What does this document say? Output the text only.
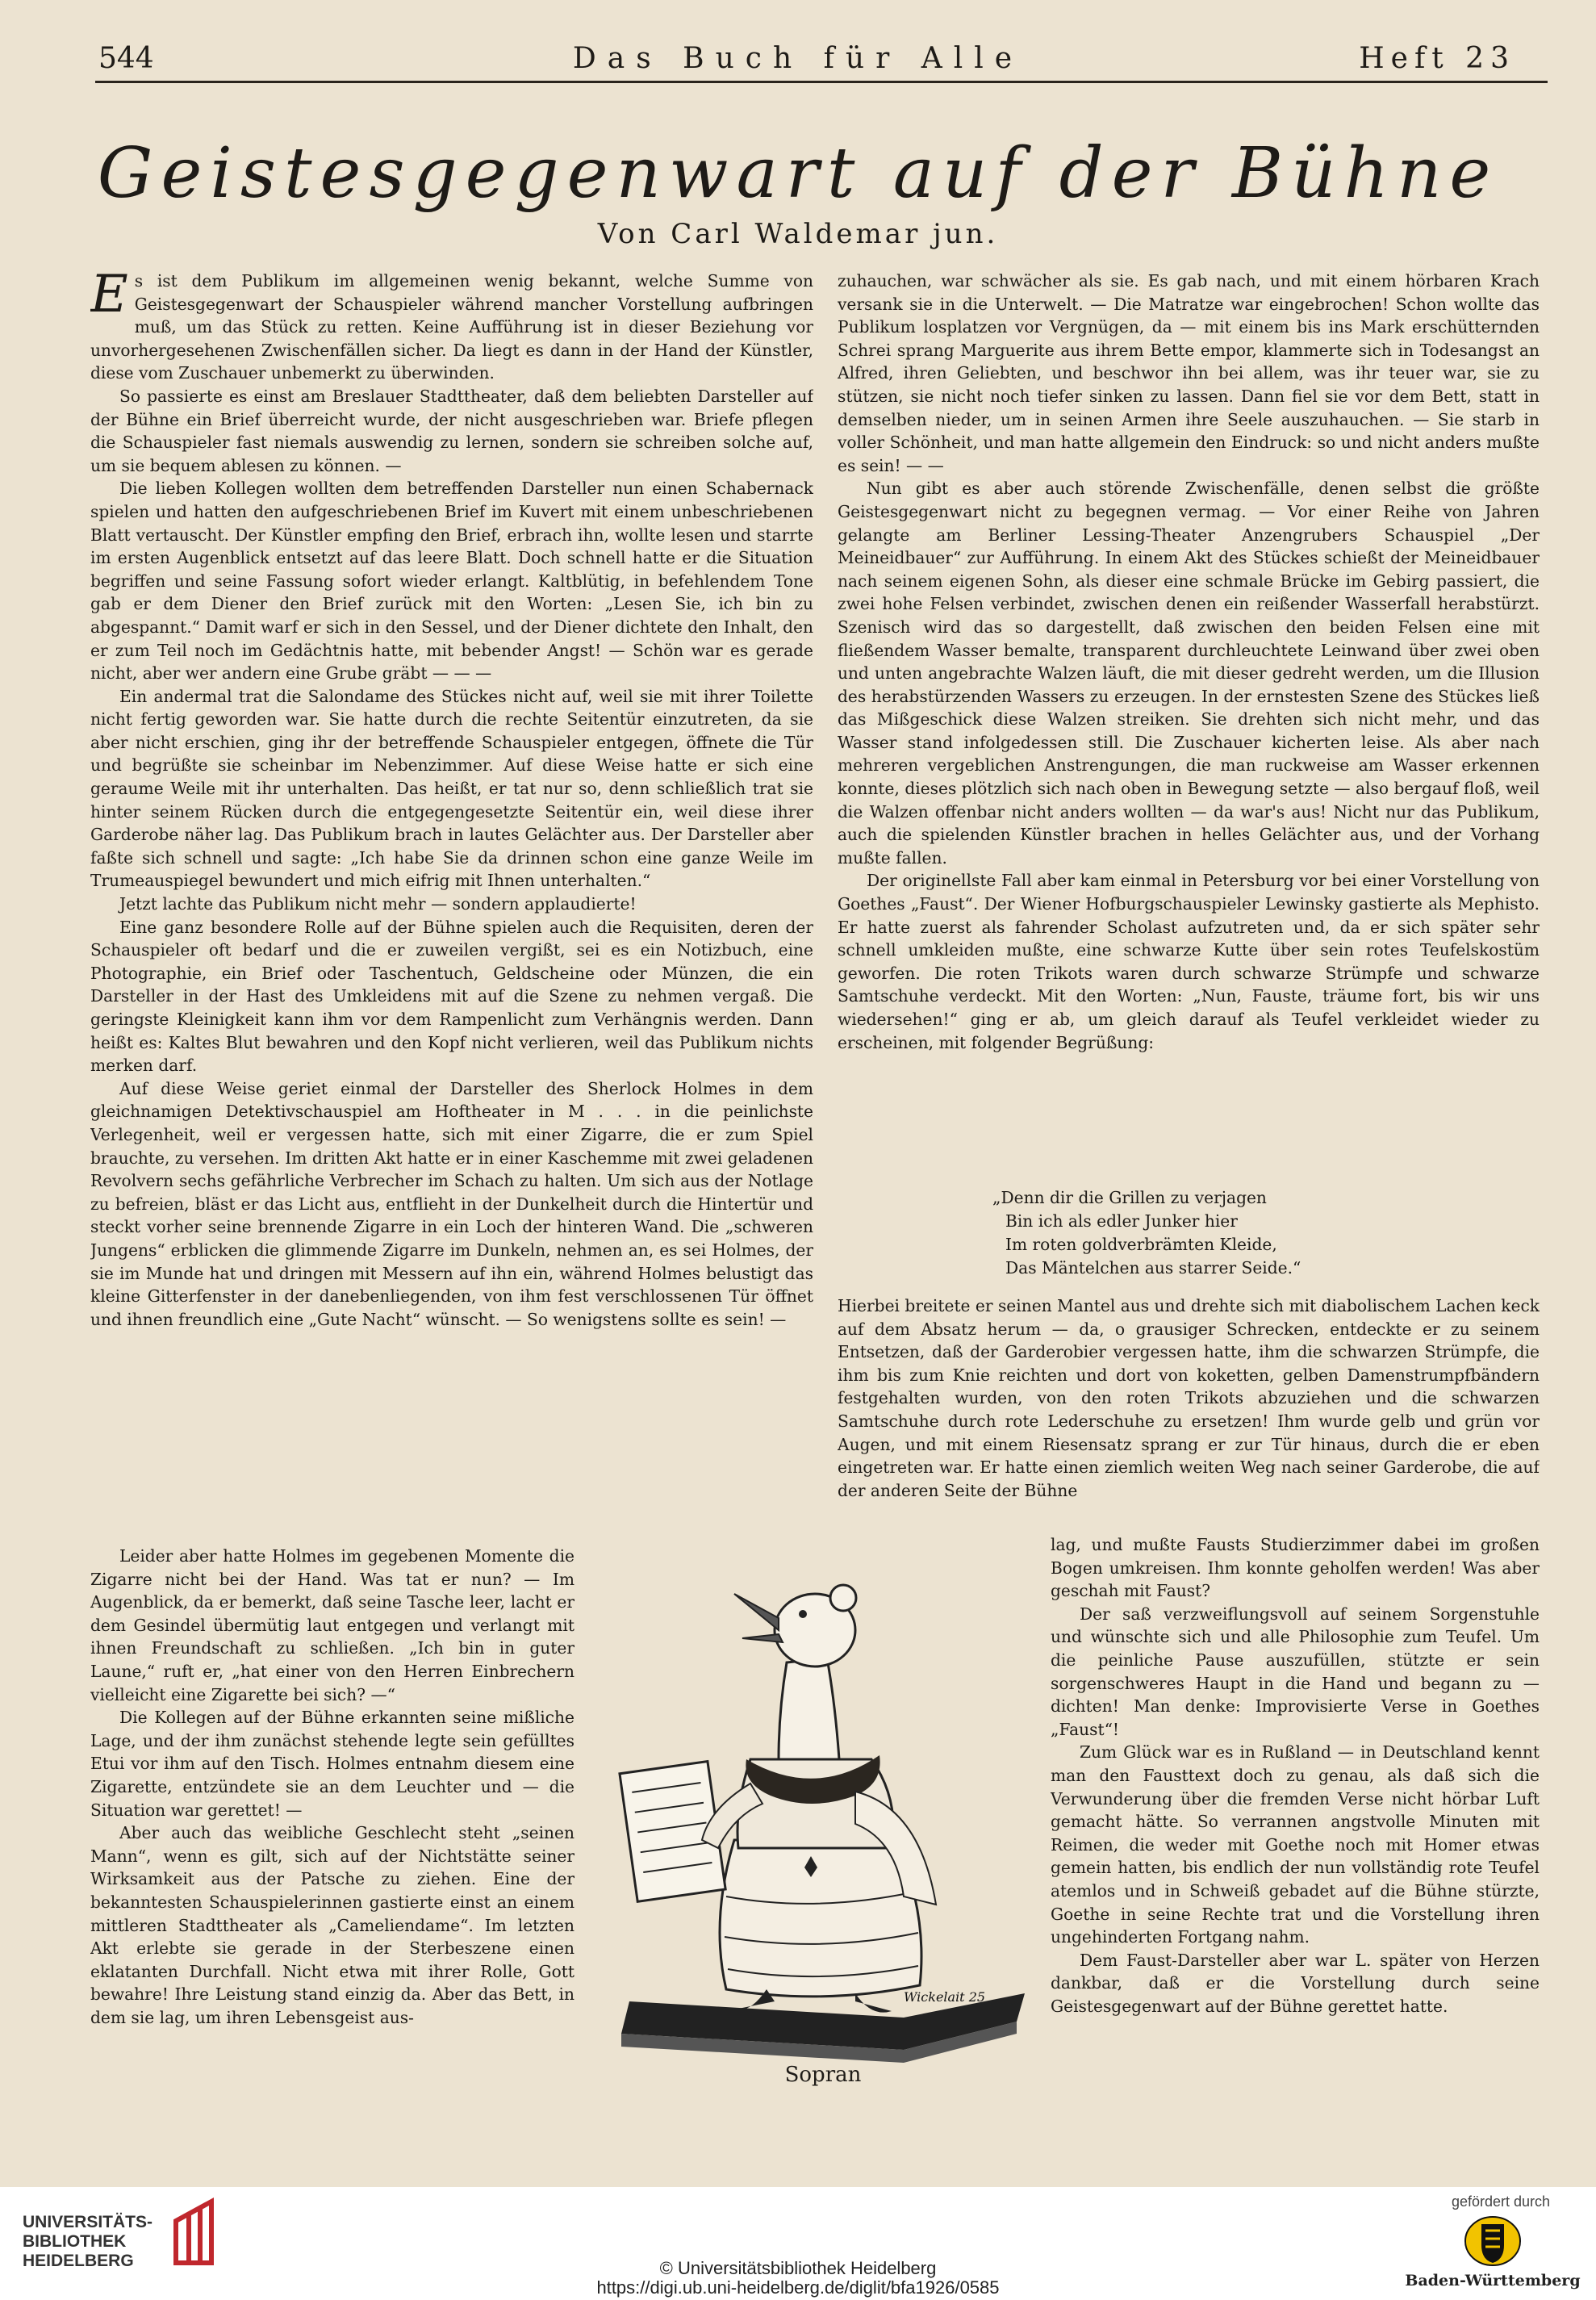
544	Das Buch für Alle	Heft 23
Geistesgegenwart auf der Bühne
Von Carl Waldemar jun.

Es ist dem Publikum im allgemeinen wenig bekannt, welche Summe von Geistesgegenwart der Schauspieler während mancher Vorstellung aufbringen muß, um das Stück zu retten. Keine Aufführung ist in dieser Beziehung vor unvorhergesehenen Zwischenfällen sicher. Da liegt es dann in der Hand der Künstler, diese vom Zuschauer unbemerkt zu überwinden.

So passierte es einst am Breslauer Stadttheater, daß dem beliebten Darsteller auf der Bühne ein Brief überreicht wurde, der nicht ausgeschrieben war. Briefe pflegen die Schauspieler fast niemals auswendig zu lernen, sondern sie schreiben solche auf, um sie bequem ablesen zu können. —

Die lieben Kollegen wollten dem betreffenden Darsteller nun einen Schabernack spielen und hatten den aufgeschriebenen Brief im Kuvert mit einem unbeschriebenen Blatt vertauscht. Der Künstler empfing den Brief, erbrach ihn, wollte lesen und starrte im ersten Augenblick entsetzt auf das leere Blatt. Doch schnell hatte er die Situation begriffen und seine Fassung sofort wieder erlangt. Kaltblütig, in befehlendem Tone gab er dem Diener den Brief zurück mit den Worten: „Lesen Sie, ich bin zu abgespannt.“ Damit warf er sich in den Sessel, und der Diener dichtete den Inhalt, den er zum Teil noch im Gedächtnis hatte, mit bebender Angst! — Schön war es gerade nicht, aber wer andern eine Grube gräbt — — —

Ein andermal trat die Salondame des Stückes nicht auf, weil sie mit ihrer Toilette nicht fertig geworden war. Sie hatte durch die rechte Seitentür einzutreten, da sie aber nicht erschien, ging ihr der betreffende Schauspieler entgegen, öffnete die Tür und begrüßte sie scheinbar im Nebenzimmer. Auf diese Weise hatte er sich eine geraume Weile mit ihr unterhalten. Das heißt, er tat nur so, denn schließlich trat sie hinter seinem Rücken durch die entgegengesetzte Seitentür ein, weil diese ihrer Garderobe näher lag. Das Publikum brach in lautes Gelächter aus. Der Darsteller aber faßte sich schnell und sagte: „Ich habe Sie da drinnen schon eine ganze Weile im Trumeauspiegel bewundert und mich eifrig mit Ihnen unterhalten.“

Jetzt lachte das Publikum nicht mehr — sondern applaudierte!

Eine ganz besondere Rolle auf der Bühne spielen auch die Requisiten, deren der Schauspieler oft bedarf und die er zuweilen vergißt, sei es ein Notizbuch, eine Photographie, ein Brief oder Taschentuch, Geldscheine oder Münzen, die ein Darsteller in der Hast des Umkleidens mit auf die Szene zu nehmen vergaß. Die geringste Kleinigkeit kann ihm vor dem Rampenlicht zum Verhängnis werden. Dann heißt es: Kaltes Blut bewahren und den Kopf nicht verlieren, weil das Publikum nichts merken darf.

Auf diese Weise geriet einmal der Darsteller des Sherlock Holmes in dem gleichnamigen Detektivschauspiel am Hoftheater in M . . . in die peinlichste Verlegenheit, weil er vergessen hatte, sich mit einer Zigarre, die er zum Spiel brauchte, zu versehen. Im dritten Akt hatte er in einer Kaschemme mit zwei geladenen Revolvern sechs gefährliche Verbrecher im Schach zu halten. Um sich aus der Notlage zu befreien, bläst er das Licht aus, entflieht in der Dunkelheit durch die Hintertür und steckt vorher seine brennende Zigarre in ein Loch der hinteren Wand. Die „schweren Jungens“ erblicken die glimmende Zigarre im Dunkeln, nehmen an, es sei Holmes, der sie im Munde hat und dringen mit Messern auf ihn ein, während Holmes belustigt das kleine Gitterfenster in der danebenliegenden, von ihm fest verschlossenen Tür öffnet und ihnen freundlich eine „Gute Nacht“ wünscht. — So wenigstens sollte es sein! —

Leider aber hatte Holmes im gegebenen Momente die Zigarre nicht bei der Hand. Was tat er nun? — Im Augenblick, da er bemerkt, daß seine Tasche leer, lacht er dem Gesindel übermütig laut entgegen und verlangt mit ihnen Freundschaft zu schließen. „Ich bin in guter Laune,“ ruft er, „hat einer von den Herren Einbrechern vielleicht eine Zigarette bei sich? —“

Die Kollegen auf der Bühne erkannten seine mißliche Lage, und der ihm zunächst stehende legte sein gefülltes Etui vor ihm auf den Tisch. Holmes entnahm diesem eine Zigarette, entzündete sie an dem Leuchter und — die Situation war gerettet! —

Aber auch das weibliche Geschlecht steht „seinen Mann“, wenn es gilt, sich auf der Nichtstätte seiner Wirksamkeit aus der Patsche zu ziehen. Eine der bekanntesten Schauspielerinnen gastierte einst an einem mittleren Stadttheater als „Cameliendame“. Im letzten Akt erlebte sie gerade in der Sterbeszene einen eklatanten Durchfall. Nicht etwa mit ihrer Rolle, Gott bewahre! Ihre Leistung stand einzig da. Aber das Bett, in dem sie lag, um ihren Lebensgeist aus-

zuhauchen, war schwächer als sie. Es gab nach, und mit einem hörbaren Krach versank sie in die Unterwelt. — Die Matratze war eingebrochen! Schon wollte das Publikum losplatzen vor Vergnügen, da — mit einem bis ins Mark erschütternden Schrei sprang Marguerite aus ihrem Bette empor, klammerte sich in Todesangst an Alfred, ihren Geliebten, und beschwor ihn bei allem, was ihr teuer war, sie zu stützen, sie nicht noch tiefer sinken zu lassen. Dann fiel sie vor dem Bett, statt in demselben nieder, um in seinen Armen ihre Seele auszuhauchen. — Sie starb in voller Schönheit, und man hatte allgemein den Eindruck: so und nicht anders mußte es sein! — —

Nun gibt es aber auch störende Zwischenfälle, denen selbst die größte Geistesgegenwart nicht zu begegnen vermag. — Vor einer Reihe von Jahren gelangte am Berliner Lessing-Theater Anzengrubers Schauspiel „Der Meineidbauer“ zur Aufführung. In einem Akt des Stückes schießt der Meineidbauer nach seinem eigenen Sohn, als dieser eine schmale Brücke im Gebirg passiert, die zwei hohe Felsen verbindet, zwischen denen ein reißender Wasserfall herabstürzt. Szenisch wird das so dargestellt, daß zwischen den beiden Felsen eine mit fließendem Wasser bemalte, transparent durchleuchtete Leinwand über zwei oben und unten angebrachte Walzen läuft, die mit dieser gedreht werden, um die Illusion des herabstürzenden Wassers zu erzeugen. In der ernstesten Szene des Stückes ließ das Mißgeschick diese Walzen streiken. Sie drehten sich nicht mehr, und das Wasser stand infolgedessen still. Die Zuschauer kicherten leise. Als aber nach mehreren vergeblichen Anstrengungen, die man ruckweise am Wasser erkennen konnte, dieses plötzlich sich nach oben in Bewegung setzte — also bergauf floß, weil die Walzen offenbar nicht anders wollten — da war's aus! Nicht nur das Publikum, auch die spielenden Künstler brachen in helles Gelächter aus, und der Vorhang mußte fallen.

Der originellste Fall aber kam einmal in Petersburg vor bei einer Vorstellung von Goethes „Faust“. Der Wiener Hofburgschauspieler Lewinsky gastierte als Mephisto. Er hatte zuerst als fahrender Scholast aufzutreten und, da er sich später sehr schnell umkleiden mußte, eine schwarze Kutte über sein rotes Teufelskostüm geworfen. Die roten Trikots waren durch schwarze Strümpfe und schwarze Samtschuhe verdeckt. Mit den Worten: „Nun, Fauste, träume fort, bis wir uns wiedersehen!“ ging er ab, um gleich darauf als Teufel verkleidet wieder zu erscheinen, mit folgender Begrüßung:

„Denn dir die Grillen zu verjagen
Bin ich als edler Junker hier
Im roten goldverbrämten Kleide,
Das Mäntelchen aus starrer Seide.“

Hierbei breitete er seinen Mantel aus und drehte sich mit diabolischem Lachen keck auf dem Absatz herum — da, o grausiger Schrecken, entdeckte er zu seinem Entsetzen, daß der Garderobier vergessen hatte, ihm die schwarzen Strümpfe, die ihm bis zum Knie reichten und dort von koketten, gelben Damenstrumpfbändern festgehalten wurden, von den roten Trikots abzuziehen und die schwarzen Samtschuhe durch rote Lederschuhe zu ersetzen! Ihm wurde gelb und grün vor Augen, und mit einem Riesensatz sprang er zur Tür hinaus, durch die er eben eingetreten war. Er hatte einen ziemlich weiten Weg nach seiner Garderobe, die auf der anderen Seite der Bühne

lag, und mußte Fausts Studierzimmer dabei im großen Bogen umkreisen. Ihm konnte geholfen werden! Was aber geschah mit Faust?

Der saß verzweiflungsvoll auf seinem Sorgenstuhle und wünschte sich und alle Philosophie zum Teufel. Um die peinliche Pause auszufüllen, stützte er sein sorgenschweres Haupt in die Hand und begann zu — dichten! Man denke: Improvisierte Verse in Goethes „Faust“!

Zum Glück war es in Rußland — in Deutschland kennt man den Fausttext doch zu genau, als daß sich die Verwunderung über die fremden Verse nicht hörbar Luft gemacht hätte. So verrannen angstvolle Minuten mit Reimen, die weder mit Goethe noch mit Homer etwas gemein hatten, bis endlich der nun vollständig rote Teufel atemlos und in Schweiß gebadet auf die Bühne stürzte, Goethe in seine Rechte trat und die Vorstellung ihren ungehinderten Fortgang nahm.

Dem Faust-Darsteller aber war L. später von Herzen dankbar, daß er die Vorstellung durch seine Geistesgegenwart auf der Bühne gerettet hatte.

Wickelait 25
Sopran
UNIVERSITÄTS-
BIBLIOTHEK
HEIDELBERG	© Universitätsbibliothek Heidelberg
https://digi.ub.uni-heidelberg.de/diglit/bfa1926/0585
gefördert durch
Baden-Württemberg
